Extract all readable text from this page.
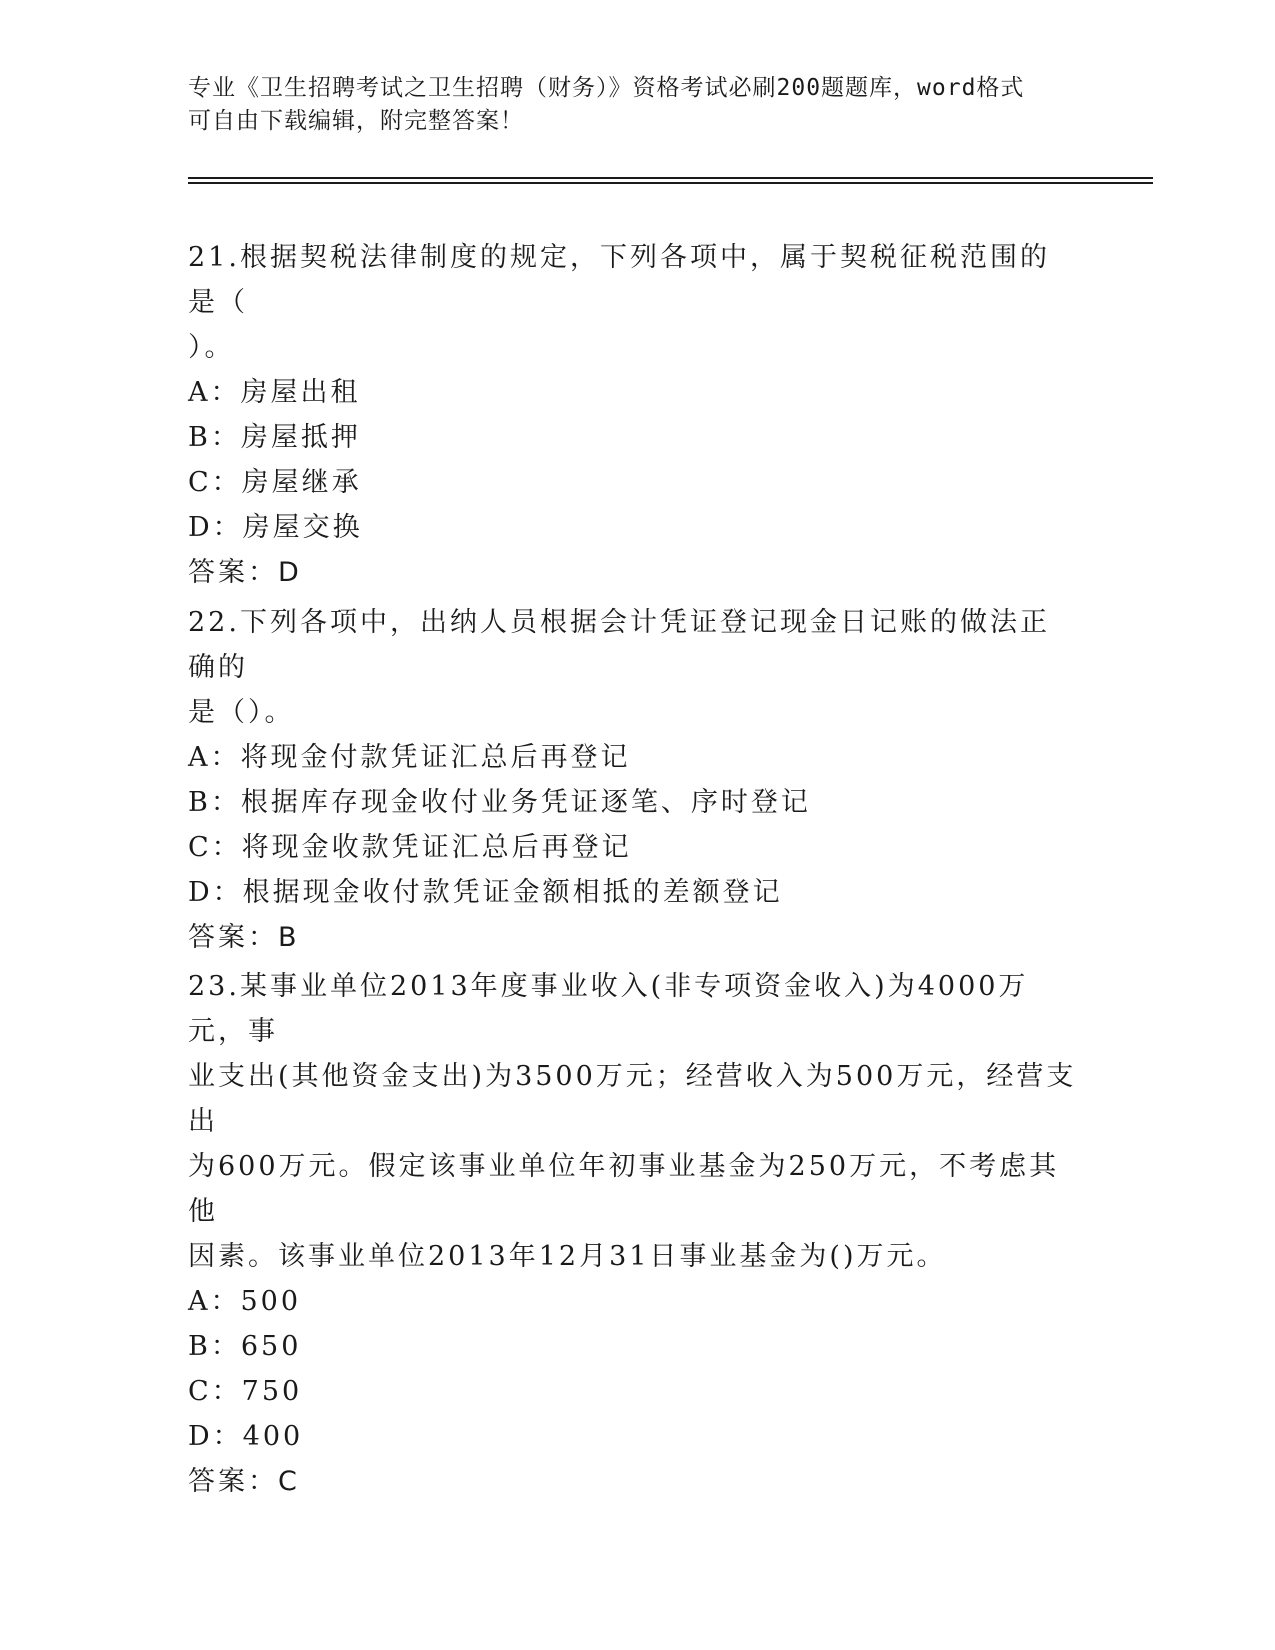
专业《卫生招聘考试之卫生招聘（财务）》资格考试必刷200题题库，word格式
可自由下载编辑，附完整答案！

21.根据契税法律制度的规定，下列各项中，属于契税征税范围的是（

）。

A：房屋出租

B：房屋抵押

C：房屋继承

D：房屋交换

答案：D

22.下列各项中，出纳人员根据会计凭证登记现金日记账的做法正确的

是（）。

A：将现金付款凭证汇总后再登记

B：根据库存现金收付业务凭证逐笔、序时登记

C：将现金收款凭证汇总后再登记

D：根据现金收付款凭证金额相抵的差额登记

答案：B

23.某事业单位2013年度事业收入(非专项资金收入)为4000万元，事

业支出(其他资金支出)为3500万元；经营收入为500万元，经营支出

为600万元。假定该事业单位年初事业基金为250万元，不考虑其他

因素。该事业单位2013年12月31日事业基金为()万元。

A：500

B：650

C：750

D：400

答案：C
